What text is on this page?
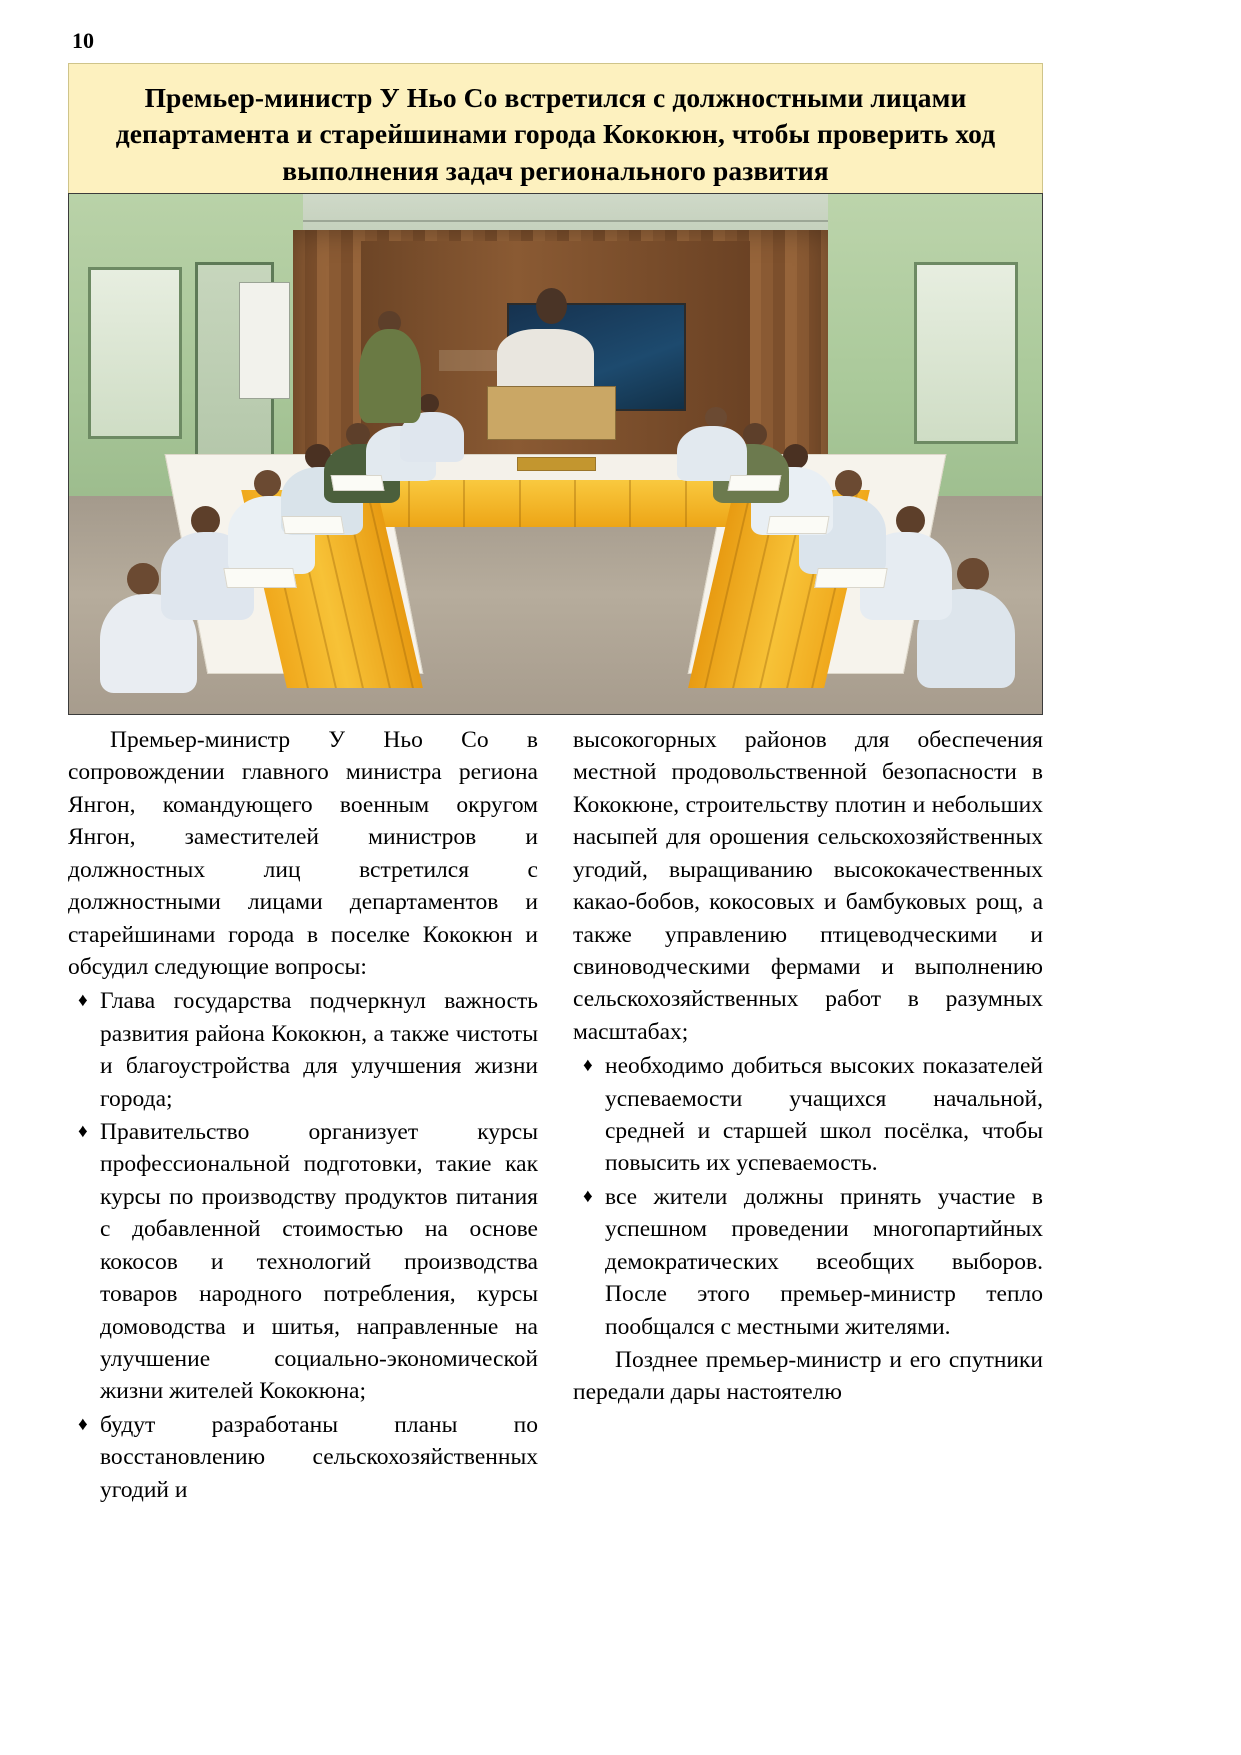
10
Премьер-министр У Ньо Со встретился с должностными лицами департамента и старейшинами города Кококюн, чтобы проверить ход выполнения задач регионального развития

Премьер-министр У Ньо Со в сопровождении главного министра региона Янгон, командующего военным округом Янгон, заместителей министров и должностных лиц встретился с должностными лицами департаментов и старейшинами города в поселке Кококюн и обсудил следующие вопросы:

♦ Глава государства подчеркнул важность развития района Кококюн, а также чистоты и благоустройства для улучшения жизни города;
♦ Правительство организует курсы профессиональной подготовки, такие как курсы по производству продуктов питания с добавленной стоимостью на основе кокосов и технологий производства товаров народного потребления, курсы домоводства и шитья, направленные на улучшение социально-экономической жизни жителей Кококюна;
♦ будут разработаны планы по восстановлению сельскохозяйственных угодий и

высокогорных районов для обеспечения местной продовольственной безопасности в Кококюне, строительству плотин и небольших насыпей для орошения сельскохозяйственных угодий, выращиванию высококачественных какао-бобов, кокосовых и бамбуковых рощ, а также управлению птицеводческими и свиноводческими фермами и выполнению сельскохозяйственных работ в разумных масштабах;

♦ необходимо добиться высоких показателей успеваемости учащихся начальной, средней и старшей школ посёлка, чтобы повысить их успеваемость.
♦ все жители должны принять участие в успешном проведении многопартийных демократических всеобщих выборов. После этого премьер-министр тепло пообщался с местными жителями.

Позднее премьер-министр и его спутники передали дары настоятелю
